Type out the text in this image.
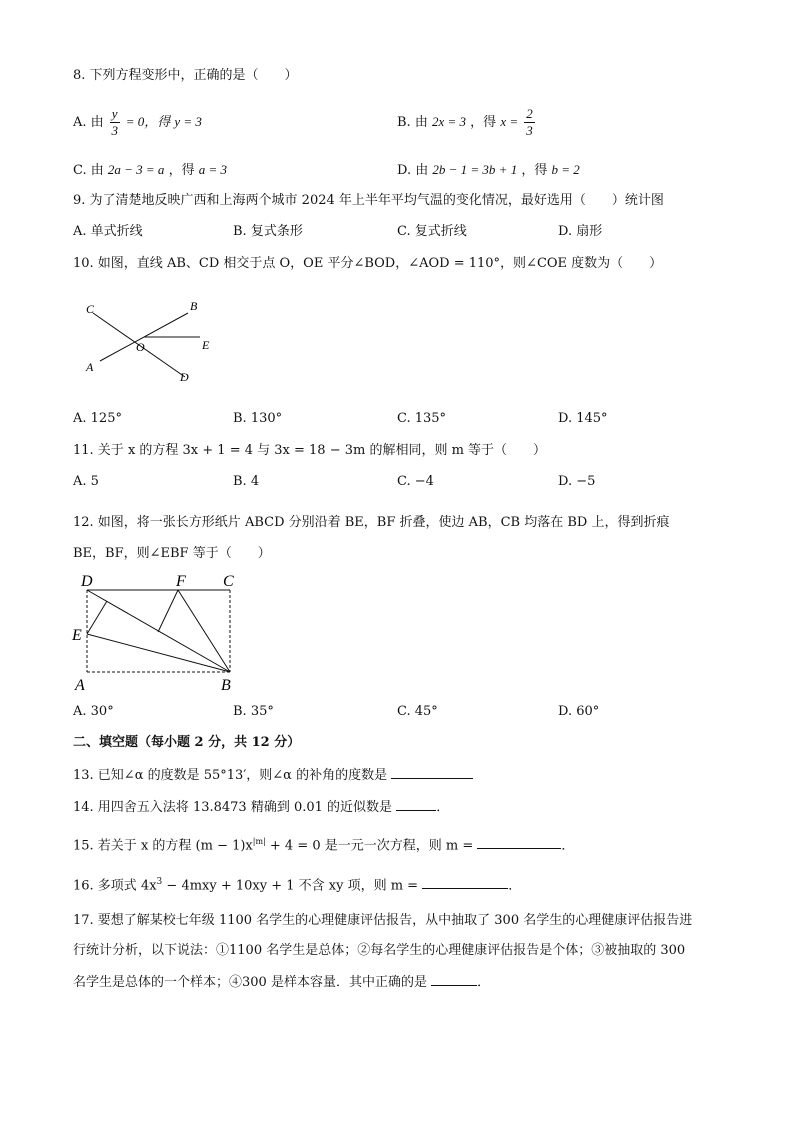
8. 下列方程变形中，正确的是（　　）
A. 由 $\frac{y}{3} = 0$，得 y = 3	B. 由 2x = 3 ，得 $x = \frac{2}{3}$
C. 由 2a − 3 = a ，得 a = 3	D. 由 2b − 1 = 3b + 1 ，得 b = 2
9. 为了清楚地反映广西和上海两个城市 2024 年上半年平均气温的变化情况，最好选用（　　）统计图
A. 单式折线	B. 复式条形	C. 复式折线	D. 扇形
10. 如图，直线 AB、CD 相交于点 O，OE 平分∠BOD，∠AOD = 110°，则∠COE 度数为（　　）
C	B
O	E
A
D
A. 125°	B. 130°	C. 135°	D. 145°
11. 关于 x 的方程 3x + 1 = 4 与 3x = 18 − 3m 的解相同，则 m 等于（　　）
A. 5	B. 4	C. −4	D. −5
12. 如图，将一张长方形纸片 ABCD 分别沿着 BE，BF 折叠，使边 AB，CB 均落在 BD 上，得到折痕
BE，BF，则∠EBF 等于（　　）
D	F C
E
A	B
A. 30°	B. 35°	C. 45°	D. 60°
二、填空题（每小题 2 分，共 12 分）
13. 已知∠α 的度数是 55°13′，则∠α 的补角的度数是
14. 用四舍五入法将 13.8473 精确到 0.01 的近似数是	．
15. 若关于 x 的方程 $(m - 1)x^{|m|} + 4 = 0$ 是一元一次方程，则 m =	．
16. 多项式 $4x^3 - 4mxy + 10xy + 1$ 不含 xy 项，则 m =	．
17. 要想了解某校七年级 1100 名学生的心理健康评估报告，从中抽取了 300 名学生的心理健康评估报告进
行统计分析，以下说法：①1100 名学生是总体；②每名学生的心理健康评估报告是个体；③被抽取的 300
名学生是总体的一个样本；④300 是样本容量．其中正确的是	．
